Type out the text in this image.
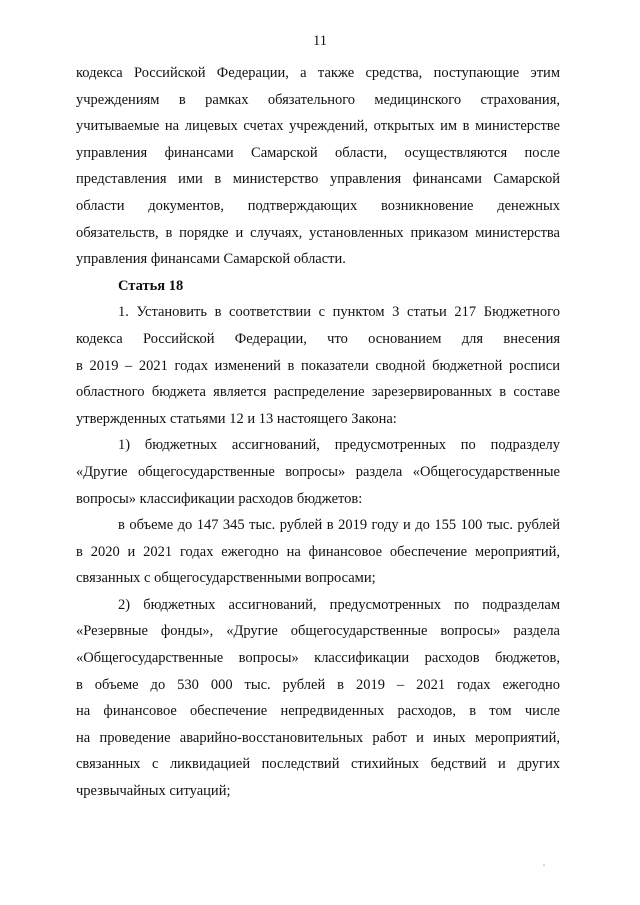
11
кодекса Российской Федерации, а также средства, поступающие этим
учреждениям в рамках обязательного медицинского страхования,
учитываемые на лицевых счетах учреждений, открытых им в министерстве
управления финансами Самарской области, осуществляются после
представления ими в министерство управления финансами Самарской
области документов, подтверждающих возникновение денежных
обязательств, в порядке и случаях, установленных приказом министерства
управления финансами Самарской области.
Статья 18
1. Установить в соответствии с пунктом 3 статьи 217 Бюджетного
кодекса Российской Федерации, что основанием для внесения
в 2019 – 2021 годах изменений в показатели сводной бюджетной росписи
областного бюджета является распределение зарезервированных в составе
утвержденных статьями 12 и 13 настоящего Закона:
1) бюджетных ассигнований, предусмотренных по подразделу
«Другие общегосударственные вопросы» раздела «Общегосударственные
вопросы» классификации расходов бюджетов:
в объеме до 147 345 тыс. рублей в 2019 году и до 155 100 тыс. рублей
в 2020 и 2021 годах ежегодно на финансовое обеспечение мероприятий,
связанных с общегосударственными вопросами;
2) бюджетных ассигнований, предусмотренных по подразделам
«Резервные фонды», «Другие общегосударственные вопросы» раздела
«Общегосударственные вопросы» классификации расходов бюджетов,
в объеме до 530 000 тыс. рублей в 2019 – 2021 годах ежегодно
на финансовое обеспечение непредвиденных расходов, в том числе
на проведение аварийно-восстановительных работ и иных мероприятий,
связанных с ликвидацией последствий стихийных бедствий и других
чрезвычайных ситуаций;
